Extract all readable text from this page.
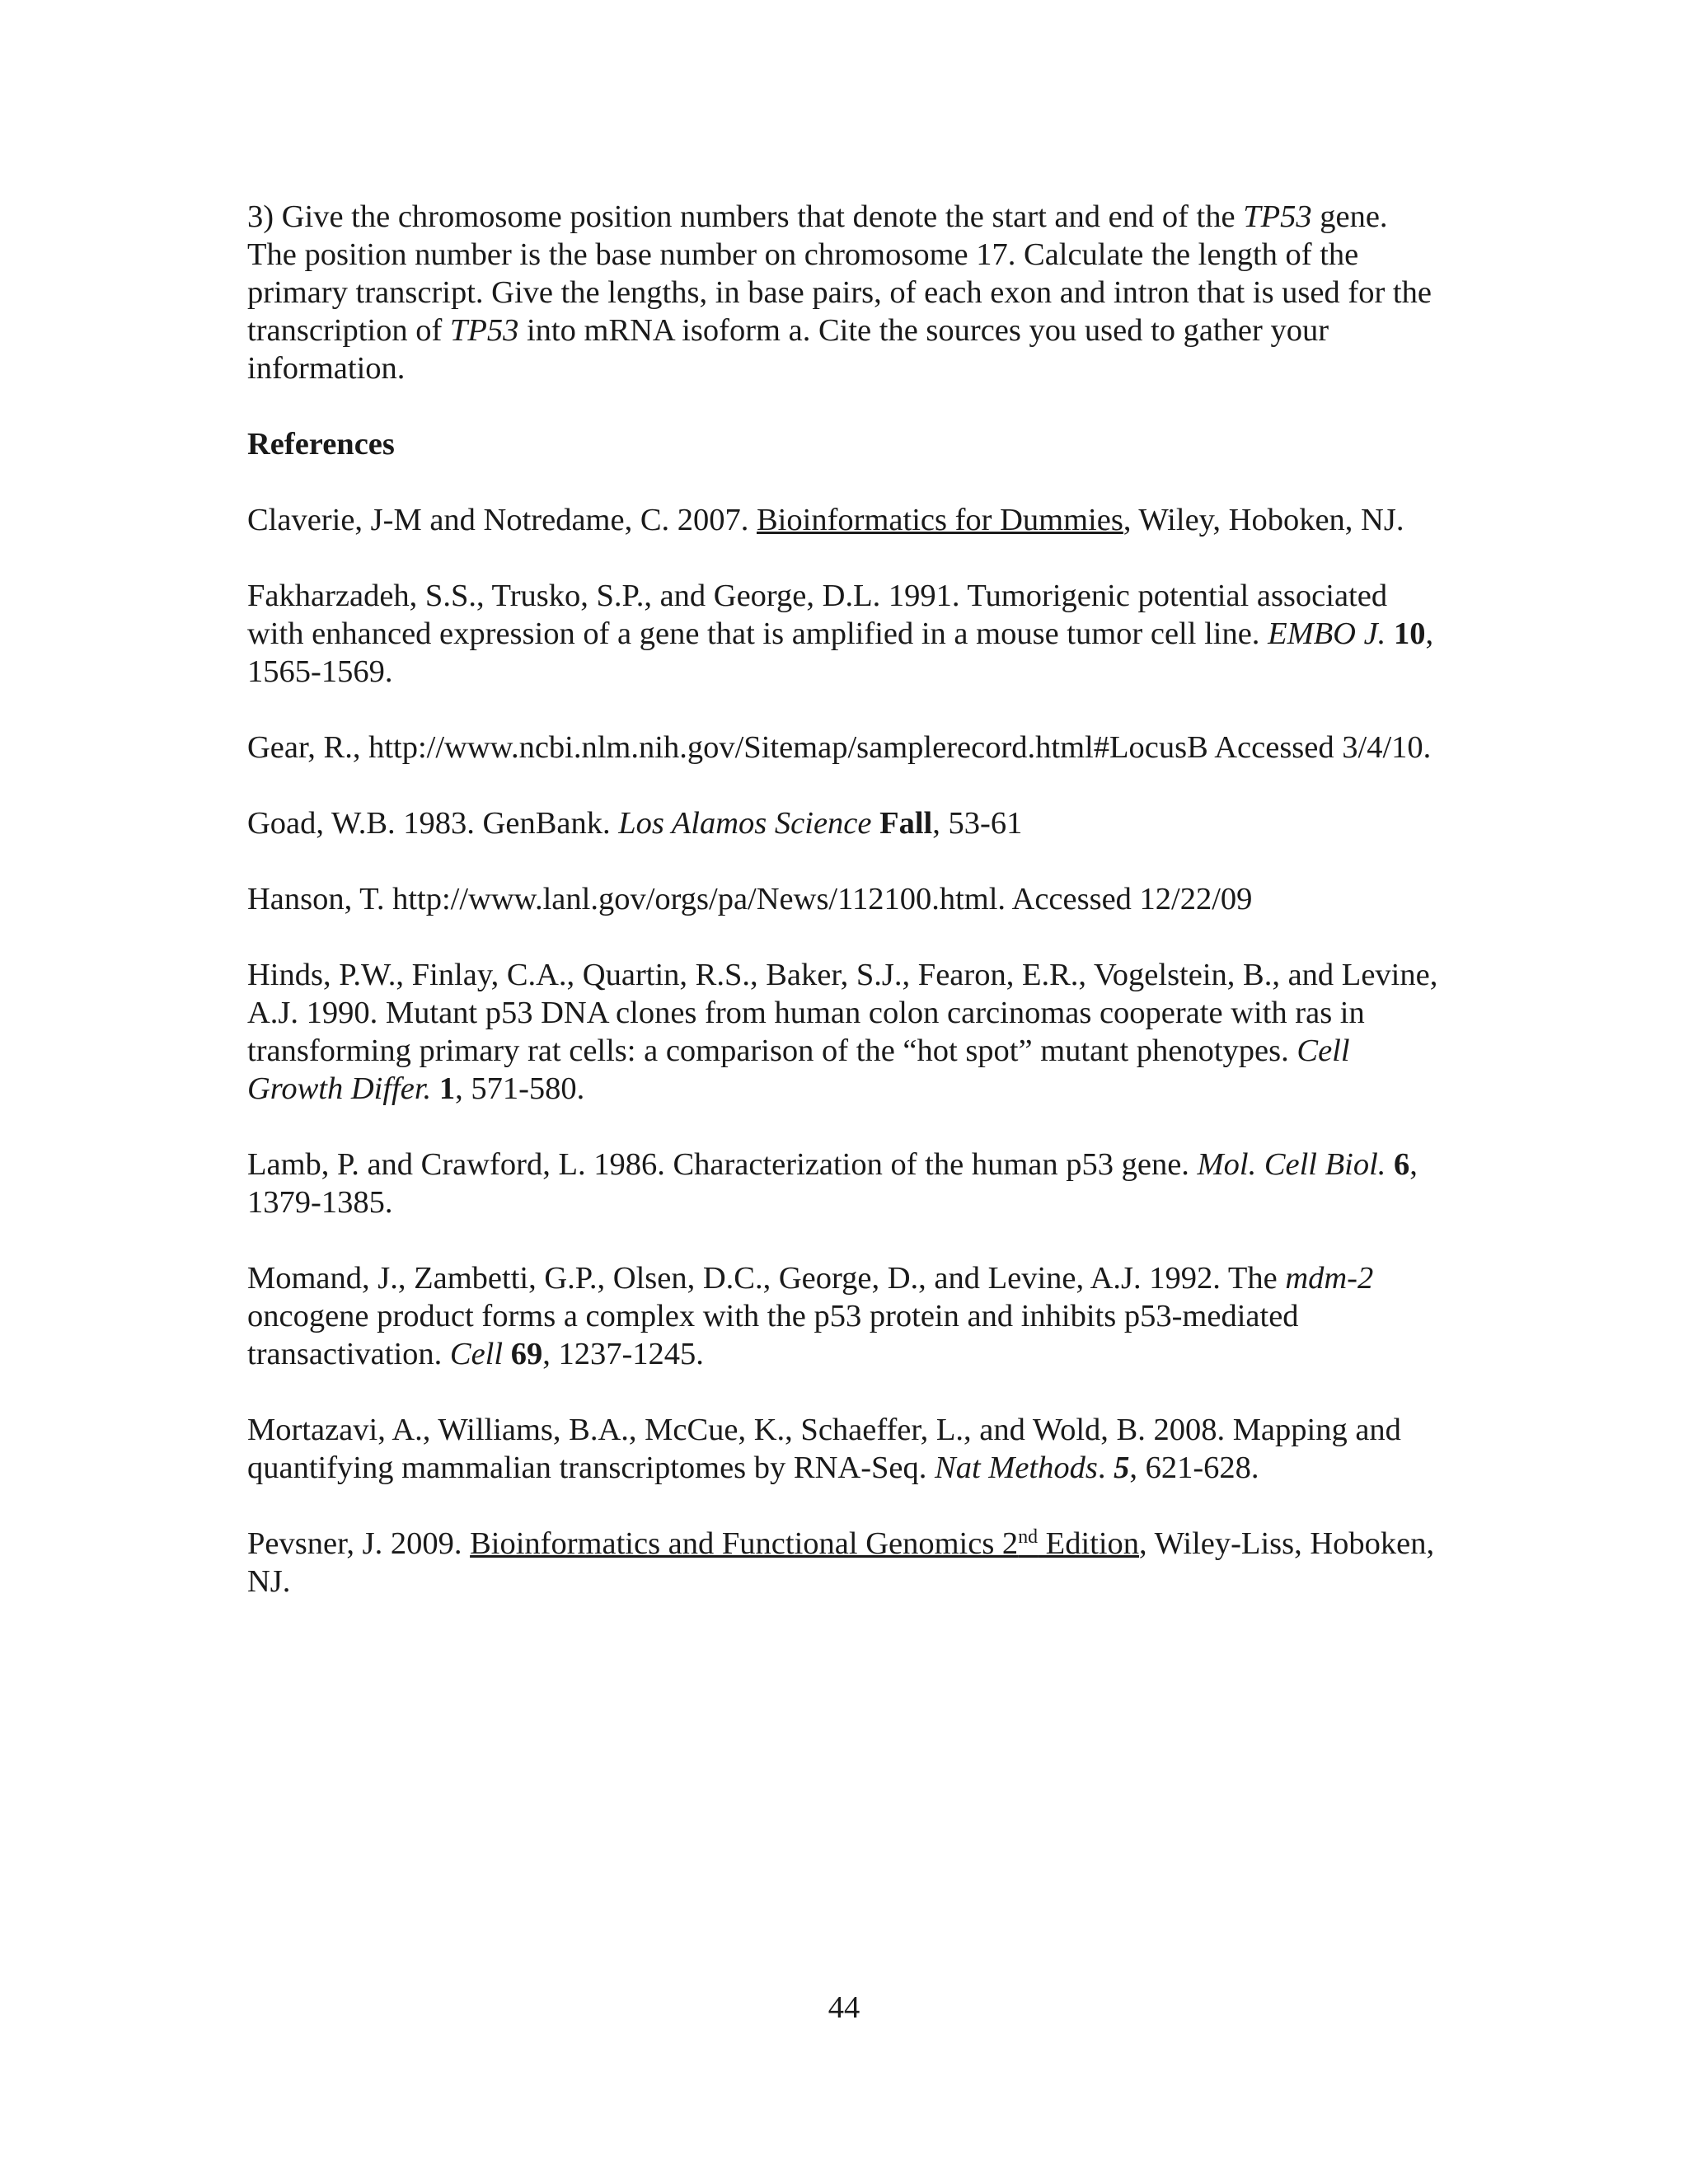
3) Give the chromosome position numbers that denote the start and end of the TP53 gene. The position number is the base number on chromosome 17. Calculate the length of the primary transcript. Give the lengths, in base pairs, of each exon and intron that is used for the transcription of TP53 into mRNA isoform a. Cite the sources you used to gather your information.

References

Claverie, J-M and Notredame, C. 2007. Bioinformatics for Dummies, Wiley, Hoboken, NJ.

Fakharzadeh, S.S., Trusko, S.P., and George, D.L. 1991. Tumorigenic potential associated with enhanced expression of a gene that is amplified in a mouse tumor cell line. EMBO J. 10, 1565-1569.

Gear, R., http://www.ncbi.nlm.nih.gov/Sitemap/samplerecord.html#LocusB Accessed 3/4/10.

Goad, W.B. 1983. GenBank. Los Alamos Science Fall, 53-61

Hanson, T. http://www.lanl.gov/orgs/pa/News/112100.html. Accessed 12/22/09

Hinds, P.W., Finlay, C.A., Quartin, R.S., Baker, S.J., Fearon, E.R., Vogelstein, B., and Levine, A.J. 1990. Mutant p53 DNA clones from human colon carcinomas cooperate with ras in transforming primary rat cells: a comparison of the “hot spot” mutant phenotypes. Cell Growth Differ. 1, 571-580.

Lamb, P. and Crawford, L. 1986. Characterization of the human p53 gene. Mol. Cell Biol. 6, 1379-1385.

Momand, J., Zambetti, G.P., Olsen, D.C., George, D., and Levine, A.J. 1992. The mdm-2 oncogene product forms a complex with the p53 protein and inhibits p53-mediated transactivation. Cell 69, 1237-1245.

Mortazavi, A., Williams, B.A., McCue, K., Schaeffer, L., and Wold, B. 2008. Mapping and quantifying mammalian transcriptomes by RNA-Seq. Nat Methods. 5, 621-628.

Pevsner, J. 2009. Bioinformatics and Functional Genomics 2nd Edition, Wiley-Liss, Hoboken, NJ.

44
